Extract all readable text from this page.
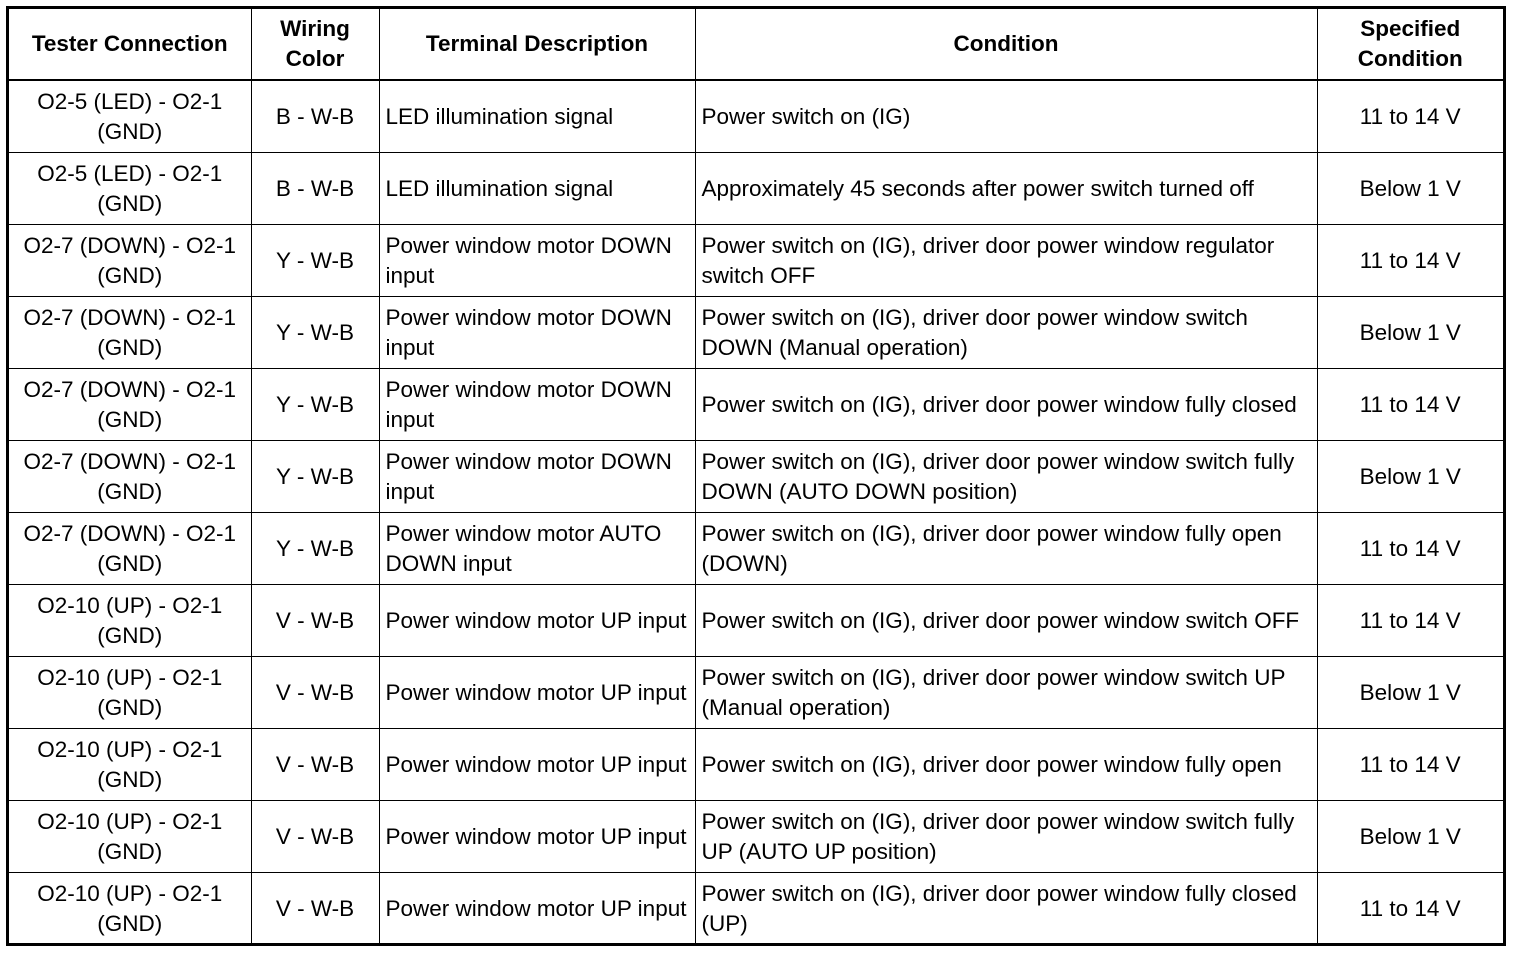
Tester Connection	Wiring Color	Terminal Description	Condition	Specified Condition
O2-5 (LED) - O2-1 (GND)	B - W-B	LED illumination signal	Power switch on (IG)	11 to 14 V
O2-5 (LED) - O2-1 (GND)	B - W-B	LED illumination signal	Approximately 45 seconds after power switch turned off	Below 1 V
O2-7 (DOWN) - O2-1 (GND)	Y - W-B	Power window motor DOWN input	Power switch on (IG), driver door power window regulator switch OFF	11 to 14 V
O2-7 (DOWN) - O2-1 (GND)	Y - W-B	Power window motor DOWN input	Power switch on (IG), driver door power window switch DOWN (Manual operation)	Below 1 V
O2-7 (DOWN) - O2-1 (GND)	Y - W-B	Power window motor DOWN input	Power switch on (IG), driver door power window fully closed	11 to 14 V
O2-7 (DOWN) - O2-1 (GND)	Y - W-B	Power window motor DOWN input	Power switch on (IG), driver door power window switch fully DOWN (AUTO DOWN position)	Below 1 V
O2-7 (DOWN) - O2-1 (GND)	Y - W-B	Power window motor AUTO DOWN input	Power switch on (IG), driver door power window fully open (DOWN)	11 to 14 V
O2-10 (UP) - O2-1 (GND)	V - W-B	Power window motor UP input	Power switch on (IG), driver door power window switch OFF	11 to 14 V
O2-10 (UP) - O2-1 (GND)	V - W-B	Power window motor UP input	Power switch on (IG), driver door power window switch UP (Manual operation)	Below 1 V
O2-10 (UP) - O2-1 (GND)	V - W-B	Power window motor UP input	Power switch on (IG), driver door power window fully open	11 to 14 V
O2-10 (UP) - O2-1 (GND)	V - W-B	Power window motor UP input	Power switch on (IG), driver door power window switch fully UP (AUTO UP position)	Below 1 V
O2-10 (UP) - O2-1 (GND)	V - W-B	Power window motor UP input	Power switch on (IG), driver door power window fully closed (UP)	11 to 14 V
